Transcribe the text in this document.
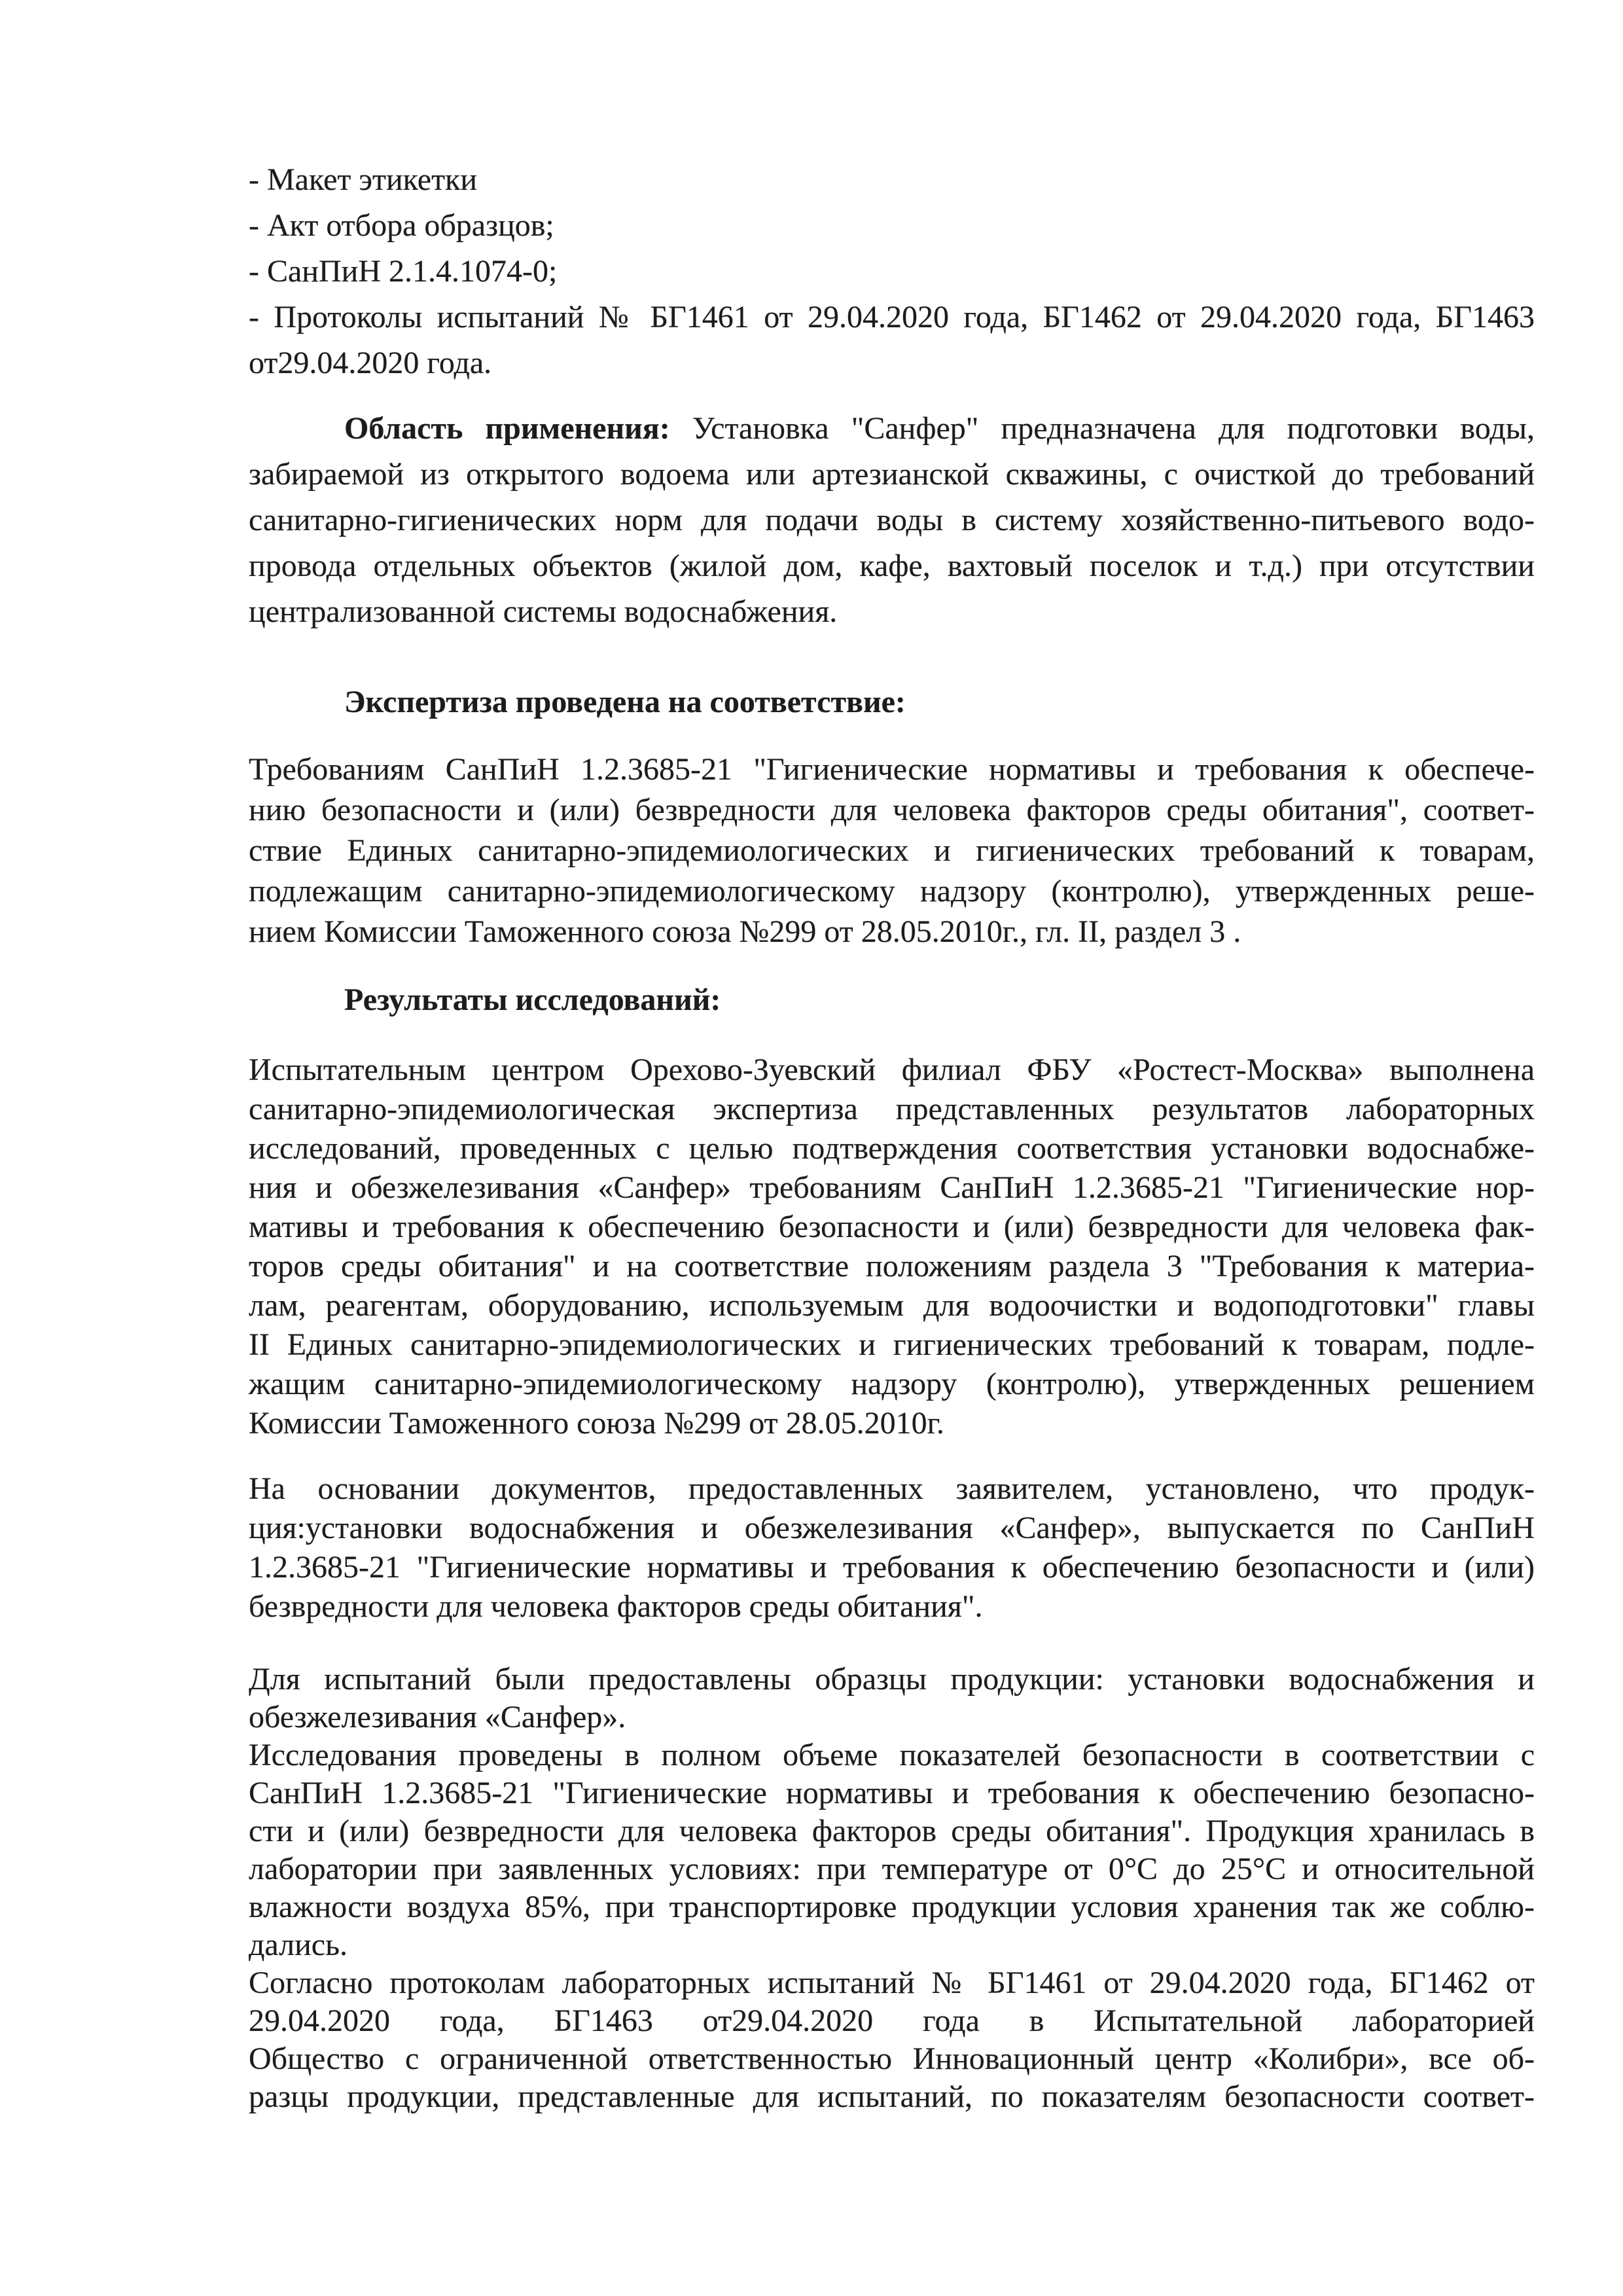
- Макет этикетки
- Акт отбора образцов;
- СанПиН 2.1.4.1074-0;
- Протоколы испытаний № БГ1461 от 29.04.2020 года, БГ1462 от 29.04.2020 года, БГ1463
от29.04.2020 года.
Область применения: Установка "Санфер" предназначена для подготовки воды,
забираемой из открытого водоема или артезианской скважины, с очисткой до требований
санитарно-гигиенических норм для подачи воды в систему хозяйственно-питьевого водо-
провода отдельных объектов (жилой дом, кафе, вахтовый поселок и т.д.) при отсутствии
централизованной системы водоснабжения.
Экспертиза проведена на соответствие:
Требованиям СанПиН 1.2.3685-21 "Гигиенические нормативы и требования к обеспече-
нию безопасности и (или) безвредности для человека факторов среды обитания", соответ-
ствие Единых санитарно-эпидемиологических и гигиенических требований к товарам,
подлежащим санитарно-эпидемиологическому надзору (контролю), утвержденных реше-
нием Комиссии Таможенного союза №299 от 28.05.2010г., гл. II, раздел 3 .
Результаты исследований:
Испытательным центром Орехово-Зуевский филиал ФБУ «Ростест-Москва» выполнена
санитарно-эпидемиологическая экспертиза представленных результатов лабораторных
исследований, проведенных с целью подтверждения соответствия установки водоснабже-
ния и обезжелезивания «Санфер» требованиям СанПиН 1.2.3685-21 "Гигиенические нор-
мативы и требования к обеспечению безопасности и (или) безвредности для человека фак-
торов среды обитания" и на соответствие положениям раздела 3 "Требования к материа-
лам, реагентам, оборудованию, используемым для водоочистки и водоподготовки" главы
II Единых санитарно-эпидемиологических и гигиенических требований к товарам, подле-
жащим санитарно-эпидемиологическому надзору (контролю), утвержденных решением
Комиссии Таможенного союза №299 от 28.05.2010г.
На основании документов, предоставленных заявителем, установлено, что продук-
ция:установки водоснабжения и обезжелезивания «Санфер», выпускается по СанПиН
1.2.3685-21 "Гигиенические нормативы и требования к обеспечению безопасности и (или)
безвредности для человека факторов среды обитания".
Для испытаний были предоставлены образцы продукции: установки водоснабжения и
обезжелезивания «Санфер».
Исследования проведены в полном объеме показателей безопасности в соответствии с
СанПиН 1.2.3685-21 "Гигиенические нормативы и требования к обеспечению безопасно-
сти и (или) безвредности для человека факторов среды обитания". Продукция хранилась в
лаборатории при заявленных условиях: при температуре от 0°С до 25°С и относительной
влажности воздуха 85%, при транспортировке продукции условия хранения так же соблю-
дались.
Согласно протоколам лабораторных испытаний № БГ1461 от 29.04.2020 года, БГ1462 от
29.04.2020 года, БГ1463 от29.04.2020 года в Испытательной лабораторией
Общество с ограниченной ответственностью Инновационный центр «Колибри», все об-
разцы продукции, представленные для испытаний, по показателям безопасности соответ-
